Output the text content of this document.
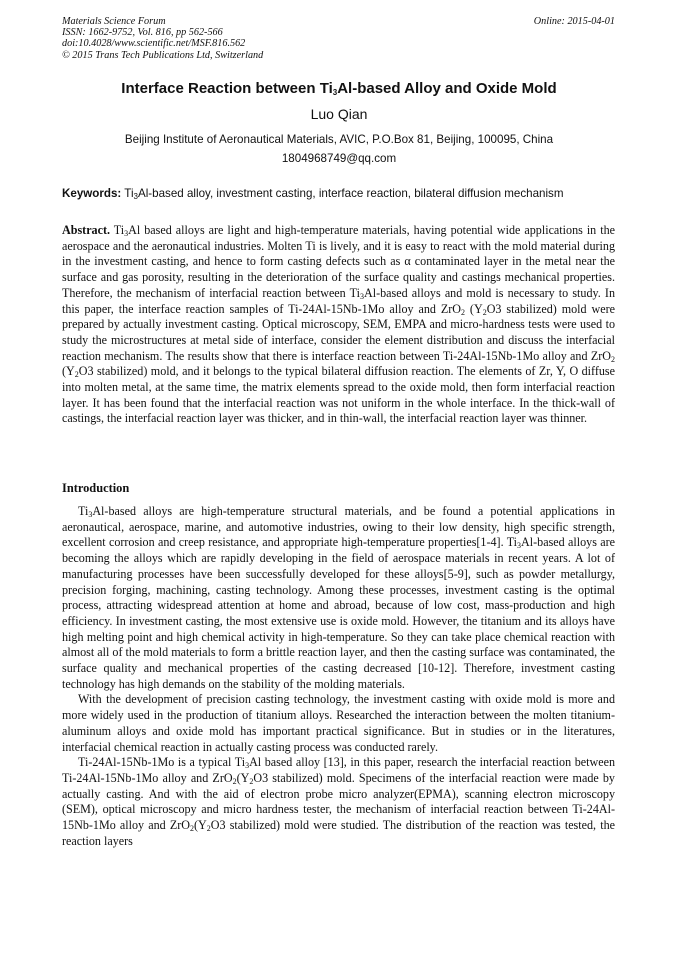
Materials Science Forum
ISSN: 1662-9752, Vol. 816, pp 562-566
doi:10.4028/www.scientific.net/MSF.816.562
© 2015 Trans Tech Publications Ltd, Switzerland
Online: 2015-04-01
Interface Reaction between $Ti_3Al$-based Alloy and Oxide Mold
Luo Qian
Beijing Institute of Aeronautical Materials, AVIC, P.O.Box 81, Beijing, 100095, China
1804968749@qq.com
Keywords: $Ti_3Al$-based alloy, investment casting, interface reaction, bilateral diffusion mechanism
Abstract. $Ti_3Al$ based alloys are light and high-temperature materials, having potential wide applications in the aerospace and the aeronautical industries. Molten Ti is lively, and it is easy to react with the mold material during in the investment casting, and hence to form casting defects such as α contaminated layer in the metal near the surface and gas porosity, resulting in the deterioration of the surface quality and castings mechanical properties. Therefore, the mechanism of interfacial reaction between $Ti_3Al$-based alloys and mold is necessary to study. In this paper, the interface reaction samples of Ti-24Al-15Nb-1Mo alloy and ZrO$_2$ ($Y_2O3$ stabilized) mold were prepared by actually investment casting. Optical microscopy, SEM, EMPA and micro-hardness tests were used to study the microstructures at metal side of interface, consider the element distribution and discuss the interfacial reaction mechanism. The results show that there is interface reaction between Ti-24Al-15Nb-1Mo alloy and ZrO$_2$ ($Y_2O3$ stabilized) mold, and it belongs to the typical bilateral diffusion reaction. The elements of Zr, Y, O diffuse into molten metal, at the same time, the matrix elements spread to the oxide mold, then form interfacial reaction layer. It has been found that the interfacial reaction was not uniform in the whole interface. In the thick-wall of castings, the interfacial reaction layer was thicker, and in thin-wall, the interfacial reaction layer was thinner.
Introduction

$Ti_3Al$-based alloys are high-temperature structural materials, and be found a potential applications in aeronautical, aerospace, marine, and automotive industries, owing to their low density, high specific strength, excellent corrosion and creep resistance, and appropriate high-temperature properties[1-4]. $Ti_3Al$-based alloys are becoming the alloys which are rapidly developing in the field of aerospace materials in recent years. A lot of manufacturing processes have been successfully developed for these alloys[5-9], such as powder metallurgy, precision forging, machining, casting technology. Among these processes, investment casting is the optimal process, attracting widespread attention at home and abroad, because of low cost, mass-production and high efficiency. In investment casting, the most extensive use is oxide mold. However, the titanium and its alloys have high melting point and high chemical activity in high-temperature. So they can take place chemical reaction with almost all of the mold materials to form a brittle reaction layer, and then the casting surface was contaminated, the surface quality and mechanical properties of the casting decreased [10-12]. Therefore, investment casting technology has high demands on the stability of the molding materials.

With the development of precision casting technology, the investment casting with oxide mold is more and more widely used in the production of titanium alloys. Researched the interaction between the molten titanium-aluminum alloys and oxide mold has important practical significance. But in studies or in the literatures, interfacial chemical reaction in actually casting process was conducted rarely.

Ti-24Al-15Nb-1Mo is a typical $Ti_3Al$ based alloy [13], in this paper, research the interfacial reaction between Ti-24Al-15Nb-1Mo alloy and $ZrO_2(Y_2O3$ stabilized) mold. Specimens of the interfacial reaction were made by actually casting. And with the aid of electron probe micro analyzer(EPMA), scanning electron microscopy (SEM), optical microscopy and micro hardness tester, the mechanism of interfacial reaction between Ti-24Al-15Nb-1Mo alloy and $ZrO_2(Y_2O3$ stabilized) mold were studied. The distribution of the reaction was tested, the reaction layers
